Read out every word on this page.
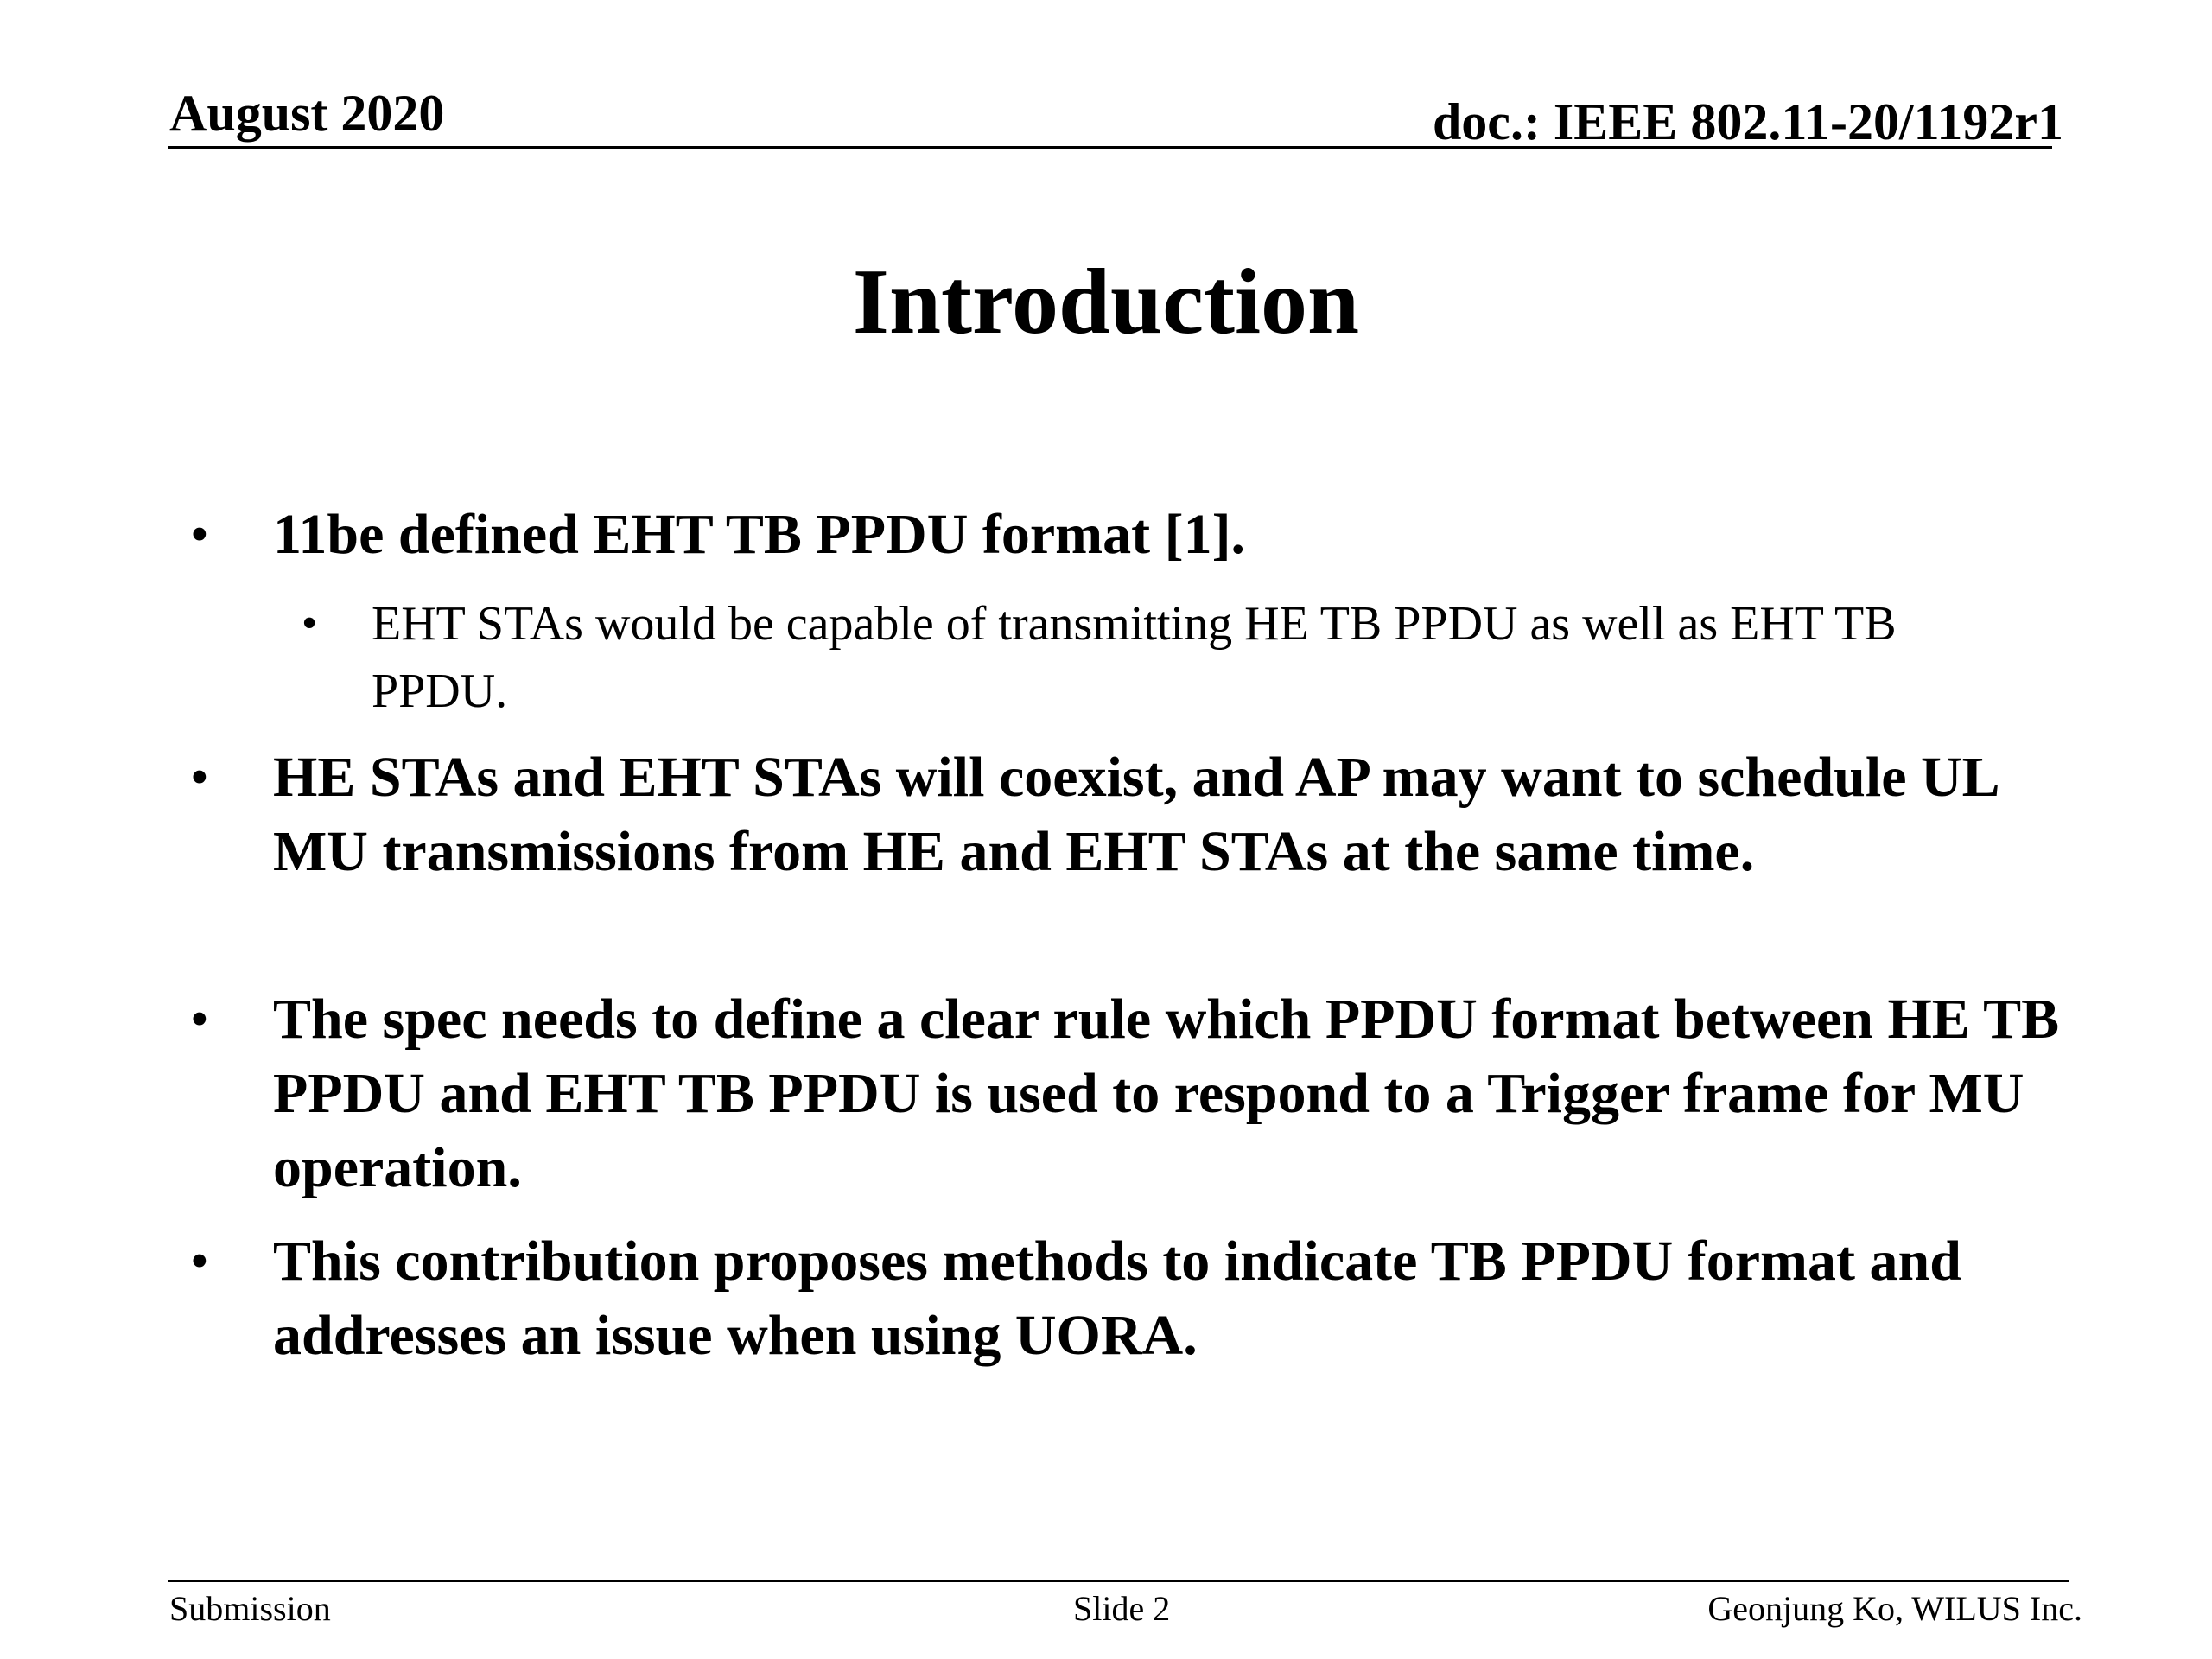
August 2020	doc.: IEEE 802.11-20/1192r1
Introduction
• 11be defined EHT TB PPDU format [1].

• EHT STAs would be capable of transmitting HE TB PPDU as well as EHT TB PPDU.

• HE STAs and EHT STAs will coexist, and AP may want to schedule UL MU transmissions from HE and EHT STAs at the same time.

• The spec needs to define a clear rule which PPDU format between HE TB PPDU and EHT TB PPDU is used to respond to a Trigger frame for MU operation.

• This contribution proposes methods to indicate TB PPDU format and addresses an issue when using UORA.

Submission	Slide 2	Geonjung Ko, WILUS Inc.
